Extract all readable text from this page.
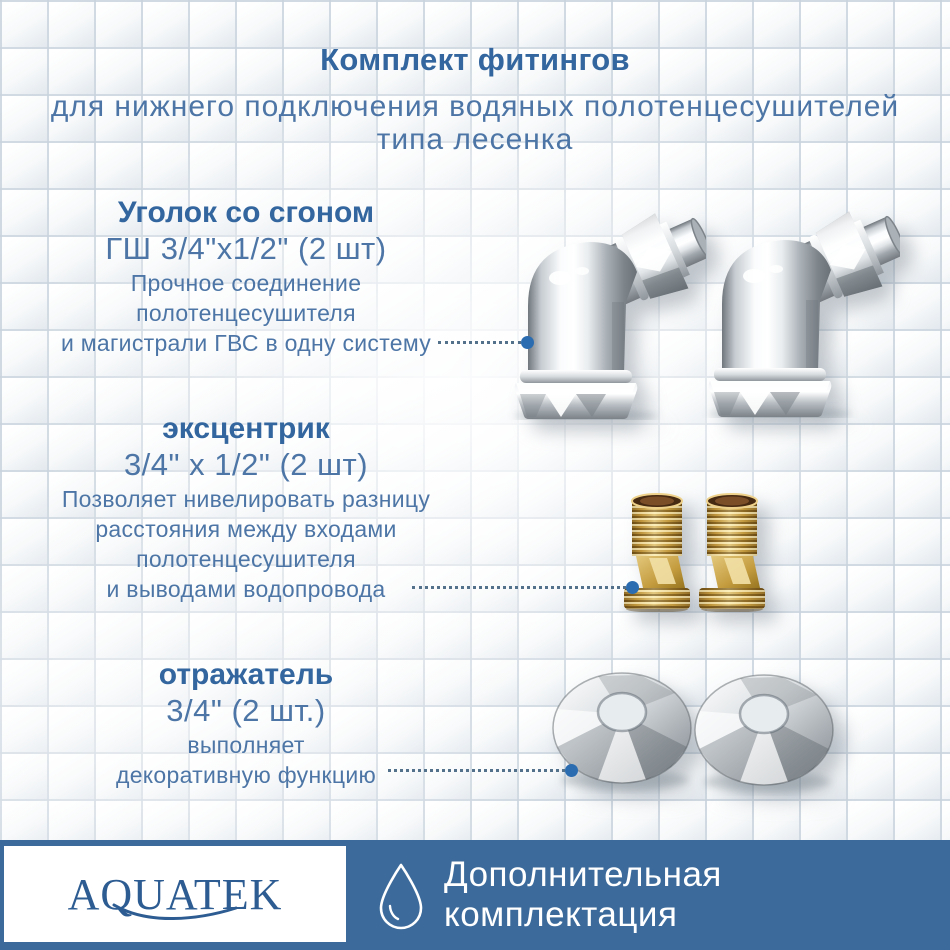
Комплект фитингов
для нижнего подключения водяных полотенцесушителей
типа лесенка
Уголок со сгоном
ГШ 3/4"х1/2" (2 шт)
Прочное соединение
полотенцесушителя
и магистрали ГВС в одну систему
эксцентрик
3/4" х 1/2" (2 шт)
Позволяет нивелировать разницу
расстояния между входами
полотенцесушителя
и выводами водопровода
отражатель
3/4" (2 шт.)
выполняет
декоративную функцию
AQUATEK	Дополнительная комплектация
